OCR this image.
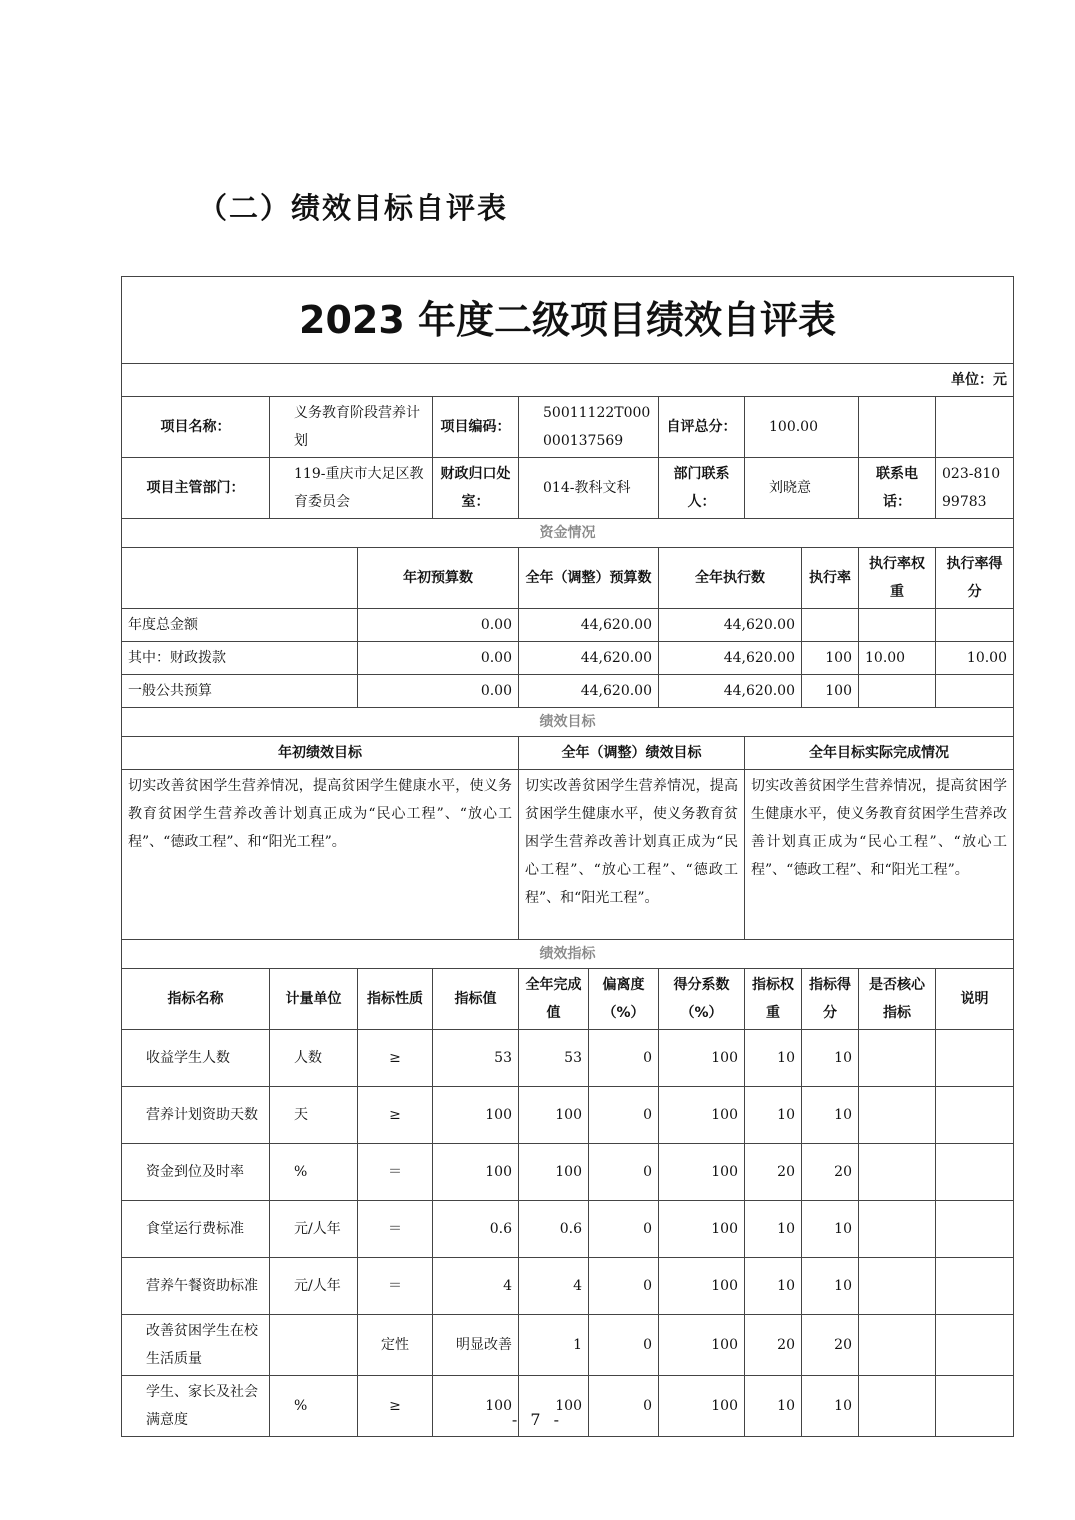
（二）绩效目标自评表
2023 年度二级项目绩效自评表										
单位：元										
项目名称：	义务教育阶段营养计划		项目编码：	50011122T000000137569		自评总分：	100.00			
项目主管部门：	119-重庆市大足区教育委员会		财政归口处室：	014-教科文科		部门联系人：	刘晓意		联系电话：	023-81099783
资金情况										
		年初预算数		全年（调整）预算数		全年执行数		执行率	执行率权重	执行率得分
年度总金额		0.00		44,620.00		44,620.00				
其中：财政拨款		0.00		44,620.00		44,620.00		100	10.00	10.00
一般公共预算		0.00		44,620.00		44,620.00		100		
绩效目标										
年初绩效目标				全年（调整）绩效目标			全年目标实际完成情况			
切实改善贫困学生营养情况，提高贫困学生健康水平，使义务教育贫困学生营养改善计划真正成为“民心工程”、“放心工程”、“德政工程”、和“阳光工程”。				切实改善贫困学生营养情况，提高贫困学生健康水平，使义务教育贫困学生营养改善计划真正成为“民心工程”、“放心工程”、“德政工程”、和“阳光工程”。			切实改善贫困学生营养情况，提高贫困学生健康水平，使义务教育贫困学生营养改善计划真正成为“民心工程”、“放心工程”、“德政工程”、和“阳光工程”。			
绩效指标										
指标名称	计量单位	指标性质	指标值	全年完成值	偏离度（%）	得分系数（%）	指标权重	指标得分	是否核心指标	说明
收益学生人数	人数	≥	53	53	0	100	10	10		
营养计划资助天数	天	≥	100	100	0	100	10	10		
资金到位及时率	%	＝	100	100	0	100	20	20		
食堂运行费标准	元/人年	＝	0.6	0.6	0	100	10	10		
营养午餐资助标准	元/人年	＝	4	4	0	100	10	10		
改善贫困学生在校生活质量		定性	明显改善	1	0	100	20	20		
学生、家长及社会满意度	%	≥	100	100	0	100	10	10		
- 7 -
